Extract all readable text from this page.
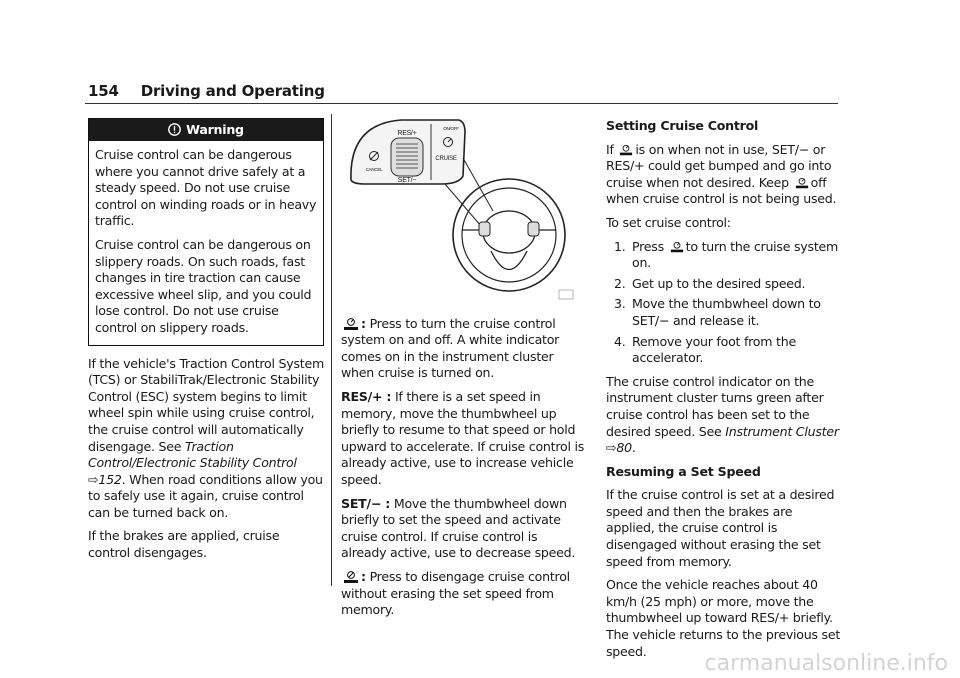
154 Driving and Operating
Warning

Cruise control can be dangerous where you cannot drive safely at a steady speed. Do not use cruise control on winding roads or in heavy traffic.

Cruise control can be dangerous on slippery roads. On such roads, fast changes in tire traction can cause excessive wheel slip, and you could lose control. Do not use cruise control on slippery roads.

If the vehicle's Traction Control System (TCS) or StabiliTrak/Electronic Stability Control (ESC) system begins to limit wheel spin while using cruise control, the cruise control will automatically disengage. See Traction Control/Electronic Stability Control ⇨152. When road conditions allow you to safely use it again, cruise control can be turned back on.

If the brakes are applied, cruise control disengages.

RES/+
SET/−
ON/OFF
CRUISE
CANCEL

: Press to turn the cruise control system on and off. A white indicator comes on in the instrument cluster when cruise is turned on.

RES/+ : If there is a set speed in memory, move the thumbwheel up briefly to resume to that speed or hold upward to accelerate. If cruise control is already active, use to increase vehicle speed.

SET/− : Move the thumbwheel down briefly to set the speed and activate cruise control. If cruise control is already active, use to decrease speed.

: Press to disengage cruise control without erasing the set speed from memory.

Setting Cruise Control

If is on when not in use, SET/− or RES/+ could get bumped and go into cruise when not desired. Keep off when cruise control is not being used.

To set cruise control:

1. Press to turn the cruise system on.
2. Get up to the desired speed.
3. Move the thumbwheel down to SET/− and release it.
4. Remove your foot from the accelerator.

The cruise control indicator on the instrument cluster turns green after cruise control has been set to the desired speed. See Instrument Cluster ⇨80.

Resuming a Set Speed

If the cruise control is set at a desired speed and then the brakes are applied, the cruise control is disengaged without erasing the set speed from memory.

Once the vehicle reaches about 40 km/h (25 mph) or more, move the thumbwheel up toward RES/+ briefly. The vehicle returns to the previous set speed.	carmanualsonline.info
